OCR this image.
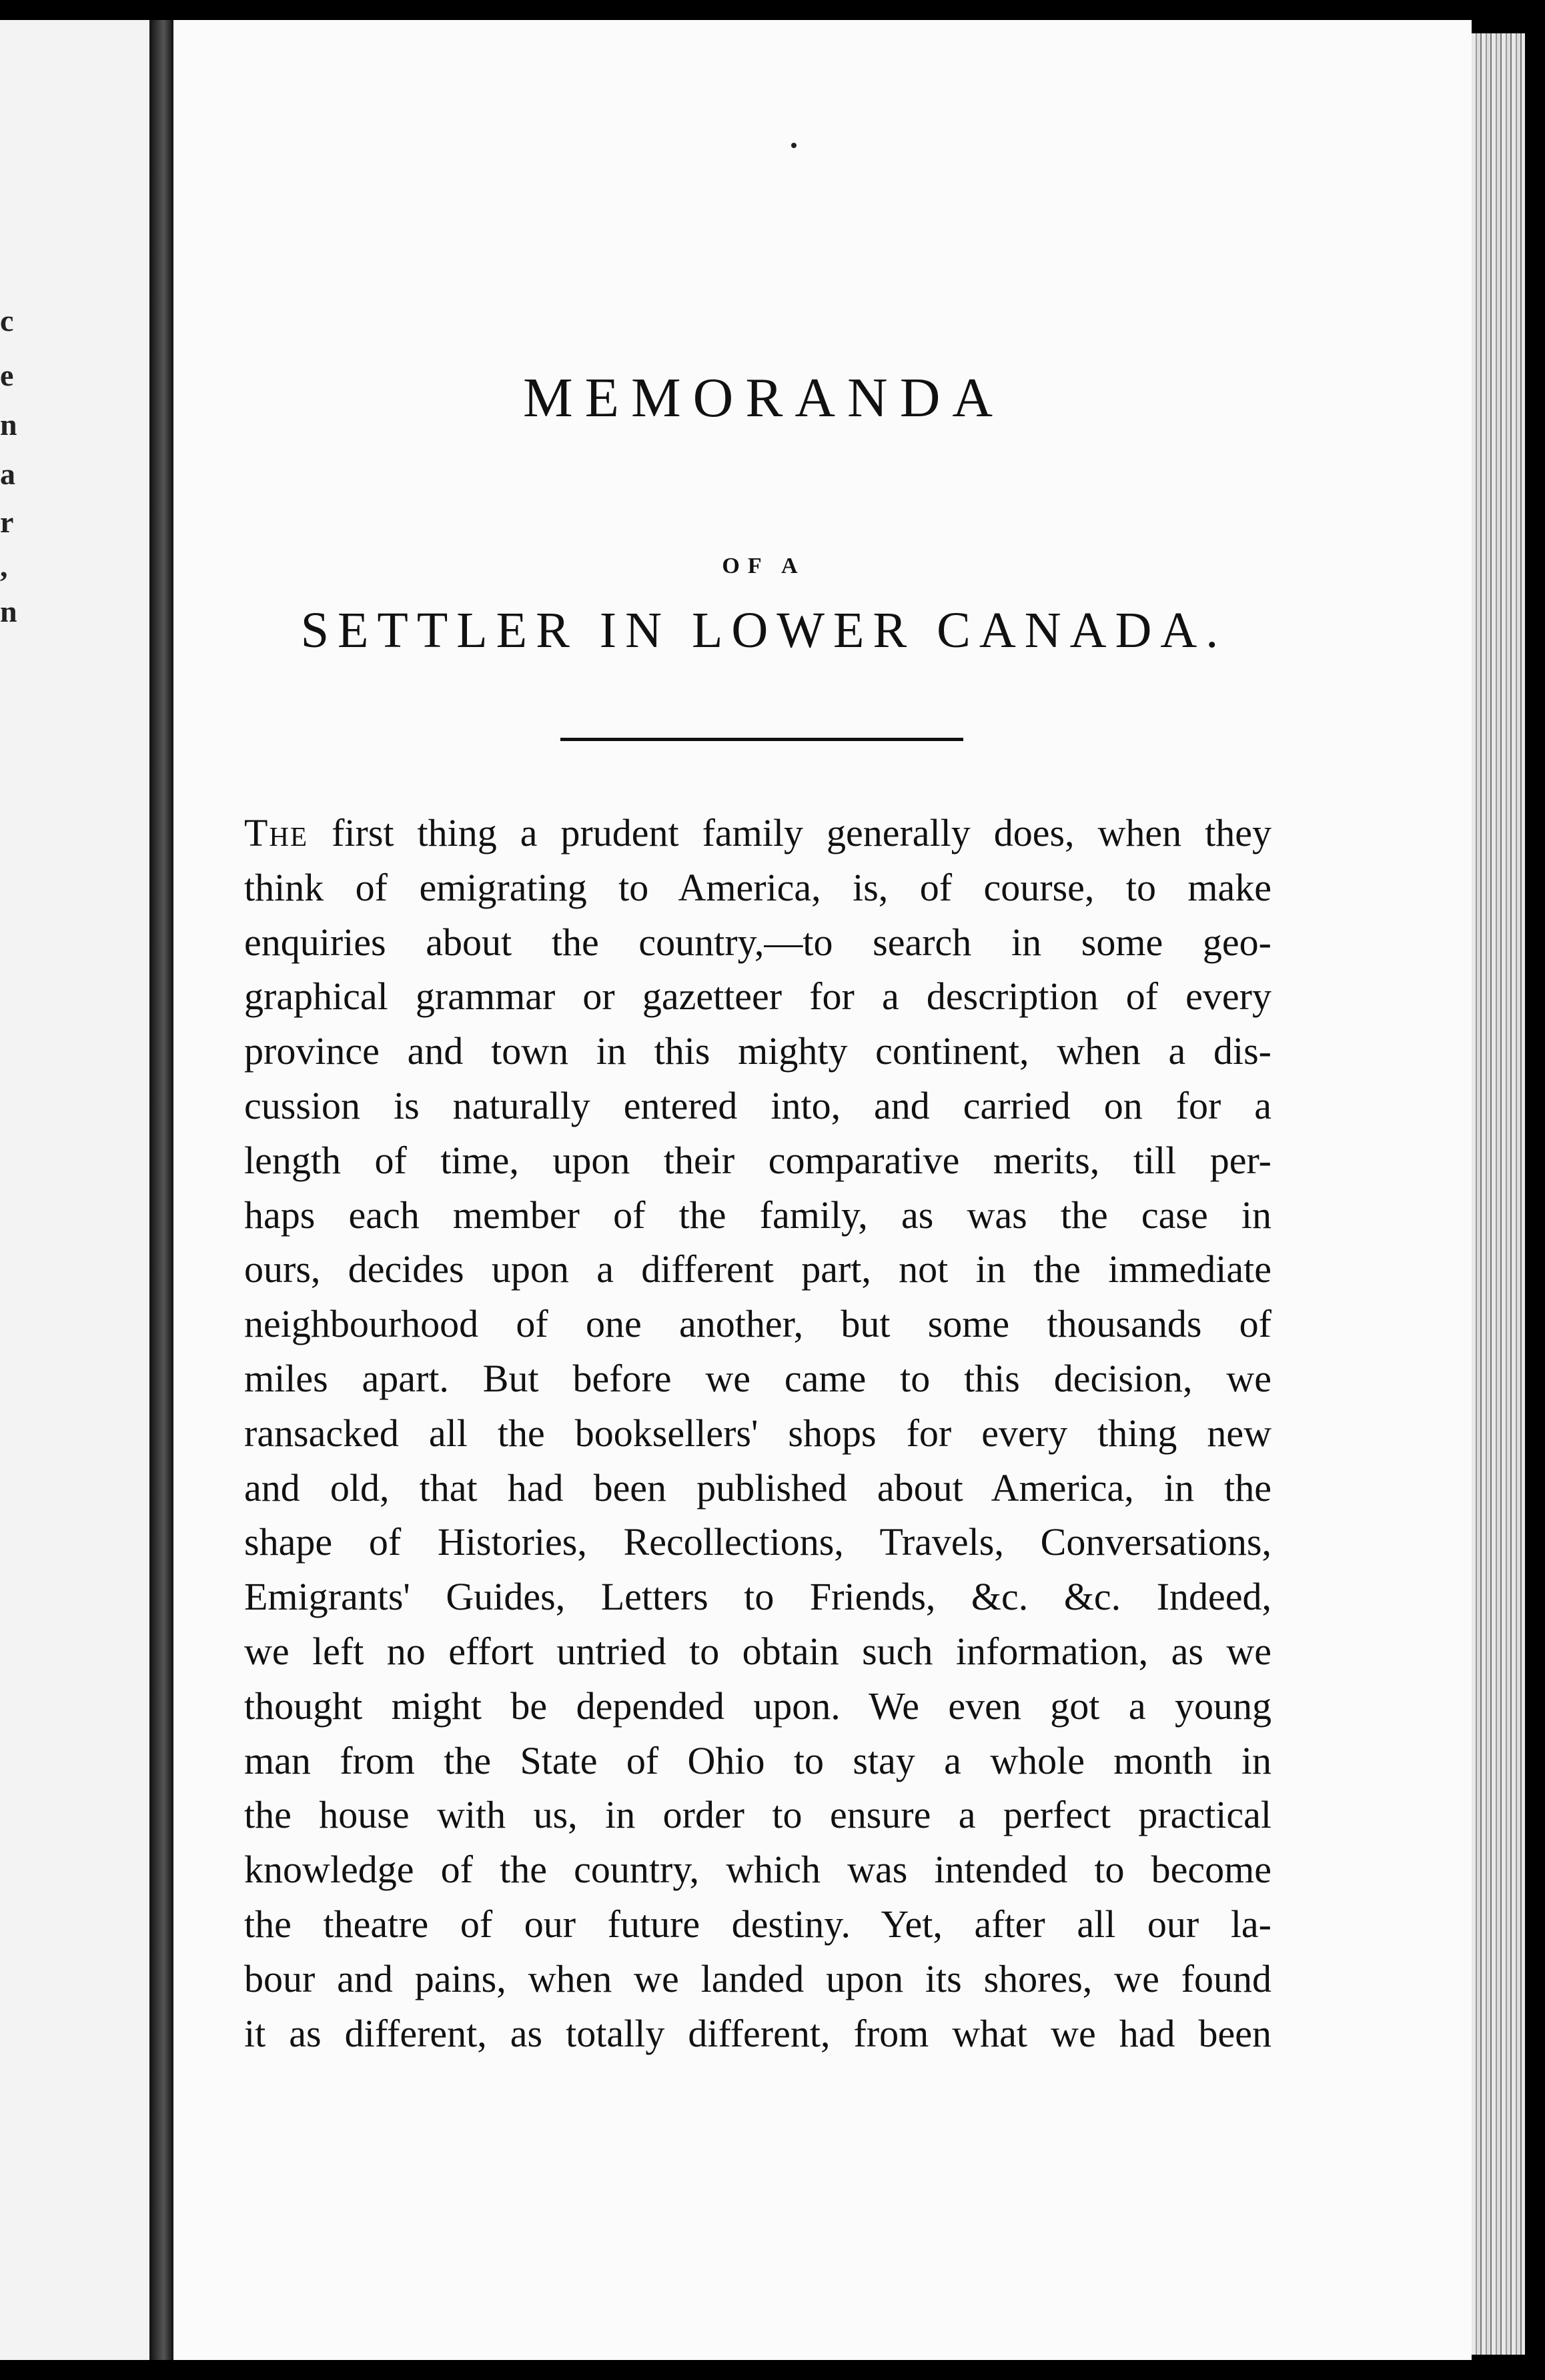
c
e
n
a
r
,
n
MEMORANDA
OF A
SETTLER IN LOWER CANADA.
The first thing a prudent family generally does, when they
think of emigrating to America, is, of course, to make
enquiries about the country,—to search in some geo-
graphical grammar or gazetteer for a description of every
province and town in this mighty continent, when a dis-
cussion is naturally entered into, and carried on for a
length of time, upon their comparative merits, till per-
haps each member of the family, as was the case in
ours, decides upon a different part, not in the immediate
neighbourhood of one another, but some thousands of
miles apart. But before we came to this decision, we
ransacked all the booksellers' shops for every thing new
and old, that had been published about America, in the
shape of Histories, Recollections, Travels, Conversations,
Emigrants' Guides, Letters to Friends, &c. &c. Indeed,
we left no effort untried to obtain such information, as we
thought might be depended upon. We even got a young
man from the State of Ohio to stay a whole month in
the house with us, in order to ensure a perfect practical
knowledge of the country, which was intended to become
the theatre of our future destiny. Yet, after all our la-
bour and pains, when we landed upon its shores, we found
it as different, as totally different, from what we had been
